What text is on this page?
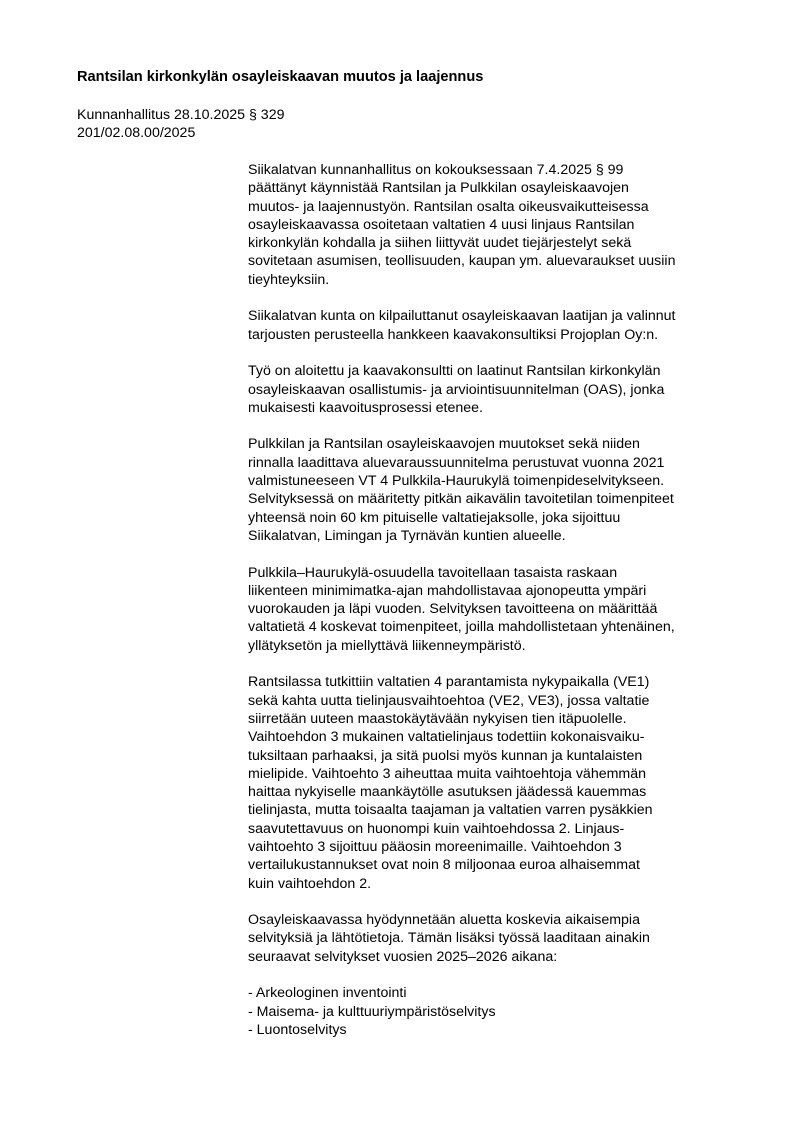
Rantsilan kirkonkylän osayleiskaavan muutos ja laajennus
Kunnanhallitus 28.10.2025 § 329
201/02.08.00/2025

Siikalatvan kunnanhallitus on kokouksessaan 7.4.2025 § 99
päättänyt käynnistää Rantsilan ja Pulkkilan osayleiskaavojen
muutos- ja laajennustyön. Rantsilan osalta oikeusvaikutteisessa
osayleiskaavassa osoitetaan valtatien 4 uusi linjaus Rantsilan
kirkonkylän kohdalla ja siihen liittyvät uudet tiejärjestelyt sekä
sovitetaan asumisen, teollisuuden, kaupan ym. aluevaraukset uusiin
tieyhteyksiin.

Siikalatvan kunta on kilpailuttanut osayleiskaavan laatijan ja valinnut
tarjousten perusteella hankkeen kaavakonsultiksi Projoplan Oy:n.

Työ on aloitettu ja kaavakonsultti on laatinut Rantsilan kirkonkylän
osayleiskaavan osallistumis- ja arviointisuunnitelman (OAS), jonka
mukaisesti kaavoitusprosessi etenee.

Pulkkilan ja Rantsilan osayleiskaavojen muutokset sekä niiden
rinnalla laadittava aluevaraussuunnitelma perustuvat vuonna 2021
valmistuneeseen VT 4 Pulkkila-Haurukylä toimenpideselvitykseen.
Selvityksessä on määritetty pitkän aikavälin tavoitetilan toimenpiteet
yhteensä noin 60 km pituiselle valtatiejaksolle, joka sijoittuu
Siikalatvan, Limingan ja Tyrnävän kuntien alueelle.

Pulkkila–Haurukylä-osuudella tavoitellaan tasaista raskaan
liikenteen minimimatka-ajan mahdollistavaa ajonopeutta ympäri
vuorokauden ja läpi vuoden. Selvityksen tavoitteena on määrittää
valtatietä 4 koskevat toimenpiteet, joilla mahdollistetaan yhtenäinen,
yllätyksetön ja miellyttävä liikenneympäristö.

Rantsilassa tutkittiin valtatien 4 parantamista nykypaikalla (VE1)
sekä kahta uutta tielinjausvaihtoehtoa (VE2, VE3), jossa valtatie
siirretään uuteen maastokäytävään nykyisen tien itäpuolelle.
Vaihtoehdon 3 mukainen valtatielinjaus todettiin kokonaisvaiku-
tuksiltaan parhaaksi, ja sitä puolsi myös kunnan ja kuntalaisten
mielipide. Vaihtoehto 3 aiheuttaa muita vaihtoehtoja vähemmän
haittaa nykyiselle maankäytölle asutuksen jäädessä kauemmas
tielinjasta, mutta toisaalta taajaman ja valtatien varren pysäkkien
saavutettavuus on huonompi kuin vaihtoehdossa 2. Linjaus-
vaihtoehto 3 sijoittuu pääosin moreenimaille. Vaihtoehdon 3
vertailukustannukset ovat noin 8 miljoonaa euroa alhaisemmat
kuin vaihtoehdon 2.

Osayleiskaavassa hyödynnetään aluetta koskevia aikaisempia
selvityksiä ja lähtötietoja. Tämän lisäksi työssä laaditaan ainakin
seuraavat selvitykset vuosien 2025–2026 aikana:

- Arkeologinen inventointi
- Maisema- ja kulttuuriympäristöselvitys
- Luontoselvitys
